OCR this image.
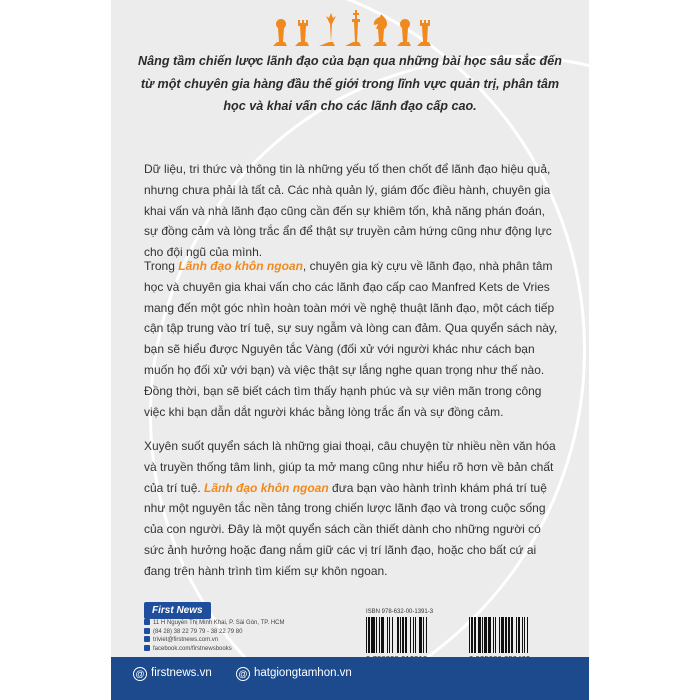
Nâng tầm chiến lược lãnh đạo của bạn qua những bài học sâu sắc đến từ một chuyên gia hàng đầu thế giới trong lĩnh vực quản trị, phân tâm học và khai vấn cho các lãnh đạo cấp cao.
Dữ liệu, tri thức và thông tin là những yếu tố then chốt để lãnh đạo hiệu quả, nhưng chưa phải là tất cả. Các nhà quản lý, giám đốc điều hành, chuyên gia khai vấn và nhà lãnh đạo cũng cần đến sự khiêm tốn, khả năng phán đoán, sự đồng cảm và lòng trắc ẩn để thật sự truyền cảm hứng cũng như động lực cho đội ngũ của mình.
Trong Lãnh đạo khôn ngoan, chuyên gia kỳ cựu về lãnh đạo, nhà phân tâm học và chuyên gia khai vấn cho các lãnh đạo cấp cao Manfred Kets de Vries mang đến một góc nhìn hoàn toàn mới về nghệ thuật lãnh đạo, một cách tiếp cận tập trung vào trí tuệ, sự suy ngẫm và lòng can đảm. Qua quyển sách này, bạn sẽ hiểu được Nguyên tắc Vàng (đối xử với người khác như cách bạn muốn họ đối xử với bạn) và việc thật sự lắng nghe quan trọng như thế nào. Đồng thời, bạn sẽ biết cách tìm thấy hạnh phúc và sự viên mãn trong công việc khi bạn dẫn dắt người khác bằng lòng trắc ẩn và sự đồng cảm.
Xuyên suốt quyển sách là những giai thoại, câu chuyện từ nhiều nền văn hóa và truyền thống tâm linh, giúp ta mở mang cũng như hiểu rõ hơn về bản chất của trí tuệ. Lãnh đạo khôn ngoan đưa bạn vào hành trình khám phá trí tuệ như một nguyên tắc nền tảng trong chiến lược lãnh đạo và trong cuộc sống của con người. Đây là một quyển sách cần thiết dành cho những người có sức ảnh hưởng hoặc đang nắm giữ các vị trí lãnh đạo, hoặc cho bất cứ ai đang trên hành trình tìm kiếm sự khôn ngoan.
First News
11 H Nguyễn Thị Minh Khai, P. Sài Gòn, TP. HCM
(84 28) 38 22 79 79 - 38 22 79 80
triviet@firstnews.com.vn
facebook.com/firstnewsbooks
ISBN 978-632-00-1391-3

@ firstnews.vn	@ hatgiongtamhon.vn
